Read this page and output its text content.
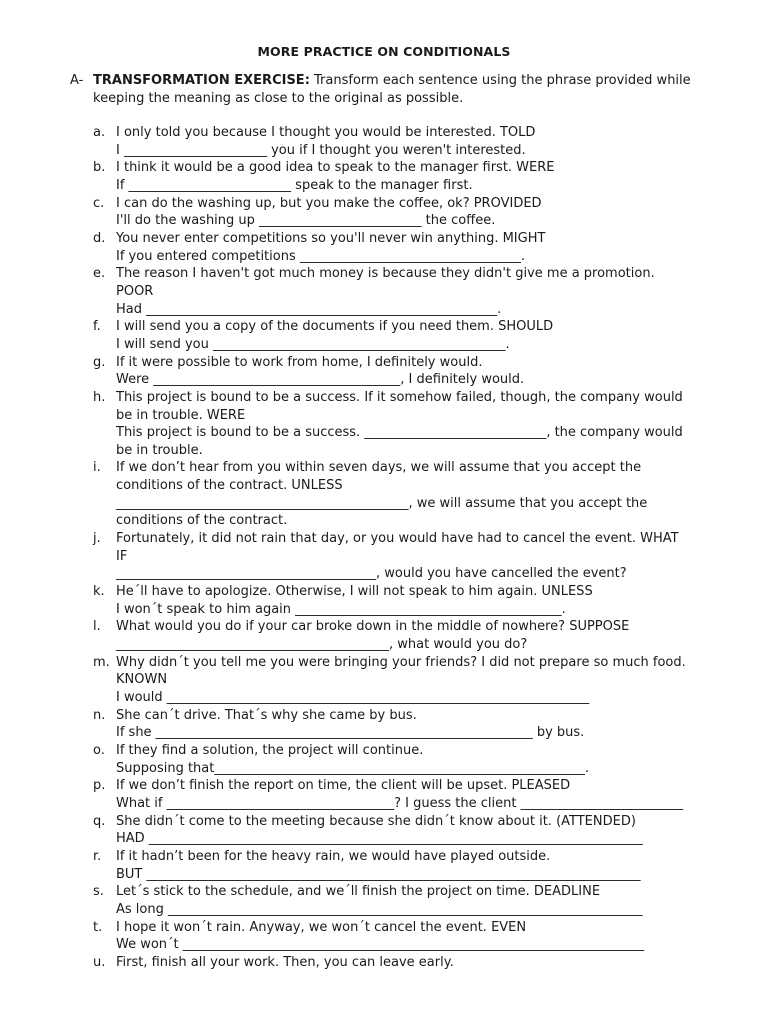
MORE PRACTICE ON CONDITIONALS
A- TRANSFORMATION EXERCISE: Transform each sentence using the phrase provided while keeping the meaning as close to the original as possible.
a. I only told you because I thought you would be interested. TOLD
I ______________________ you if I thought you weren't interested.
b. I think it would be a good idea to speak to the manager first. WERE
If _________________________ speak to the manager first.
c. I can do the washing up, but you make the coffee, ok? PROVIDED
I'll do the washing up _________________________ the coffee.
d. You never enter competitions so you'll never win anything. MIGHT
If you entered competitions __________________________________.
e. The reason I haven't got much money is because they didn't give me a promotion.
POOR
Had ______________________________________________________.
f. I will send you a copy of the documents if you need them. SHOULD
I will send you _____________________________________________.
g. If it were possible to work from home, I definitely would.
Were ______________________________________, I definitely would.
h. This project is bound to be a success. If it somehow failed, though, the company would
be in trouble. WERE
This project is bound to be a success. ____________________________, the company would
be in trouble.
i. If we don’t hear from you within seven days, we will assume that you accept the
conditions of the contract. UNLESS
_____________________________________________, we will assume that you accept the
conditions of the contract.
j. Fortunately, it did not rain that day, or you would have had to cancel the event. WHAT
IF
________________________________________, would you have cancelled the event?
k. He´ll have to apologize. Otherwise, I will not speak to him again. UNLESS
I won´t speak to him again _________________________________________.
l. What would you do if your car broke down in the middle of nowhere? SUPPOSE
__________________________________________, what would you do?
m. Why didn´t you tell me you were bringing your friends? I did not prepare so much food.
KNOWN
I would _________________________________________________________________
n. She can´t drive. That´s why she came by bus.
If she __________________________________________________________ by bus.
o. If they find a solution, the project will continue.
Supposing that_________________________________________________________.
p. If we don’t finish the report on time, the client will be upset. PLEASED
What if ___________________________________? I guess the client _________________________
q. She didn´t come to the meeting because she didn´t know about it. (ATTENDED)
HAD ____________________________________________________________________________
r. If it hadn’t been for the heavy rain, we would have played outside.
BUT ____________________________________________________________________________
s. Let´s stick to the schedule, and we´ll finish the project on time. DEADLINE
As long _________________________________________________________________________
t. I hope it won´t rain. Anyway, we won´t cancel the event. EVEN
We won´t _______________________________________________________________________
u. First, finish all your work. Then, you can leave early.
